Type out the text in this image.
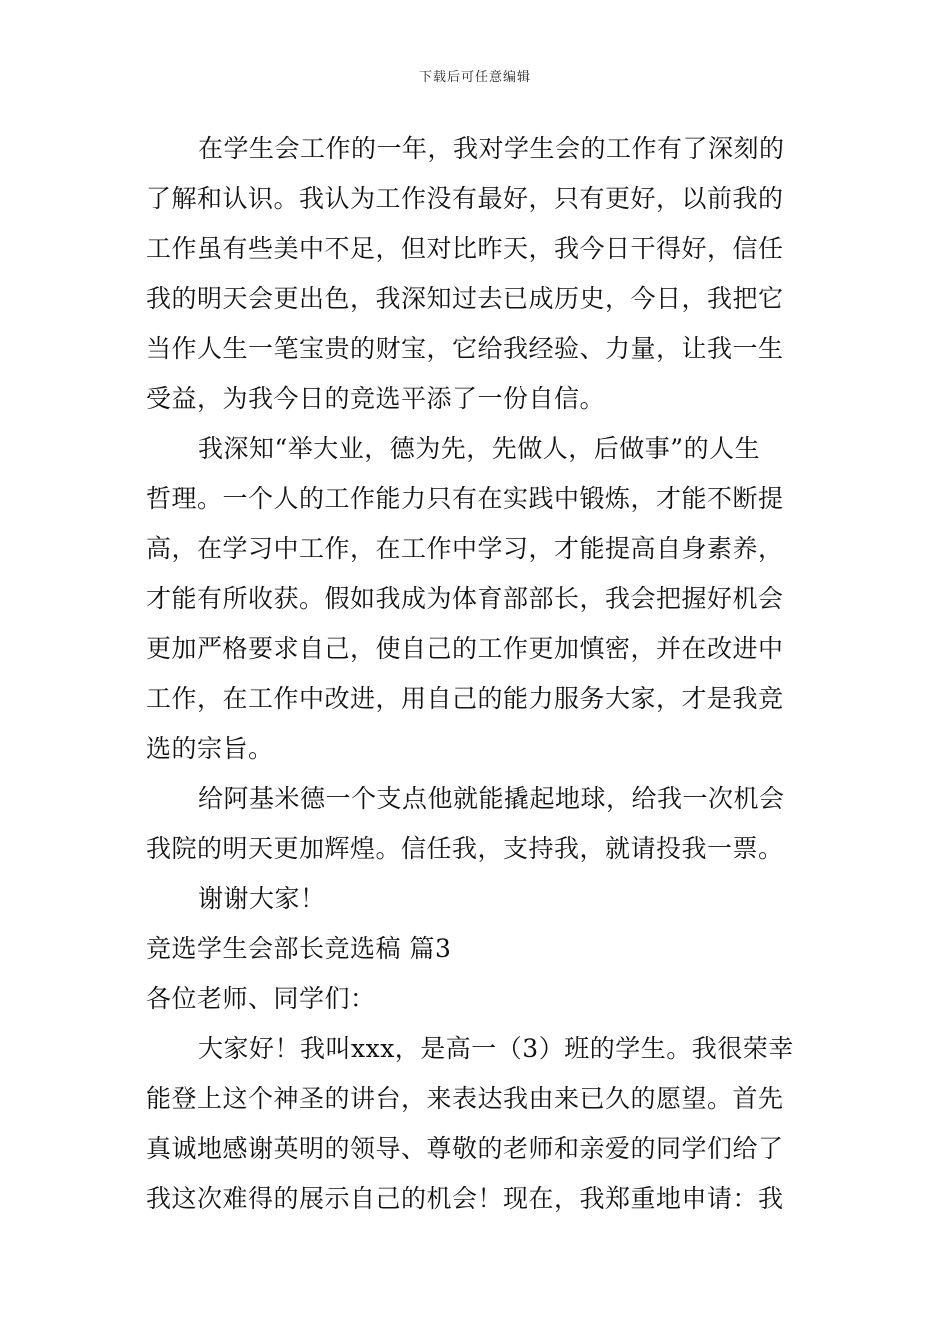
下载后可任意编辑
在学生会工作的一年，我对学生会的工作有了深刻的
了解和认识。我认为工作没有最好，只有更好，以前我的
工作虽有些美中不足，但对比昨天，我今日干得好，信任
我的明天会更出色，我深知过去已成历史，今日，我把它
当作人生一笔宝贵的财宝，它给我经验、力量，让我一生
受益，为我今日的竞选平添了一份自信。
我深知“举大业，德为先，先做人，后做事”的人生
哲理。一个人的工作能力只有在实践中锻炼，才能不断提
高，在学习中工作，在工作中学习，才能提高自身素养，
才能有所收获。假如我成为体育部部长，我会把握好机会
更加严格要求自己，使自己的工作更加慎密，并在改进中
工作，在工作中改进，用自己的能力服务大家，才是我竞
选的宗旨。
给阿基米德一个支点他就能撬起地球，给我一次机会
我院的明天更加辉煌。信任我，支持我，就请投我一票。
谢谢大家！
竞选学生会部长竞选稿 篇3
各位老师、同学们：
大家好！我叫xxx，是高一（3）班的学生。我很荣幸
能登上这个神圣的讲台，来表达我由来已久的愿望。首先
真诚地感谢英明的领导、尊敬的老师和亲爱的同学们给了
我这次难得的展示自己的机会！现在，我郑重地申请：我
